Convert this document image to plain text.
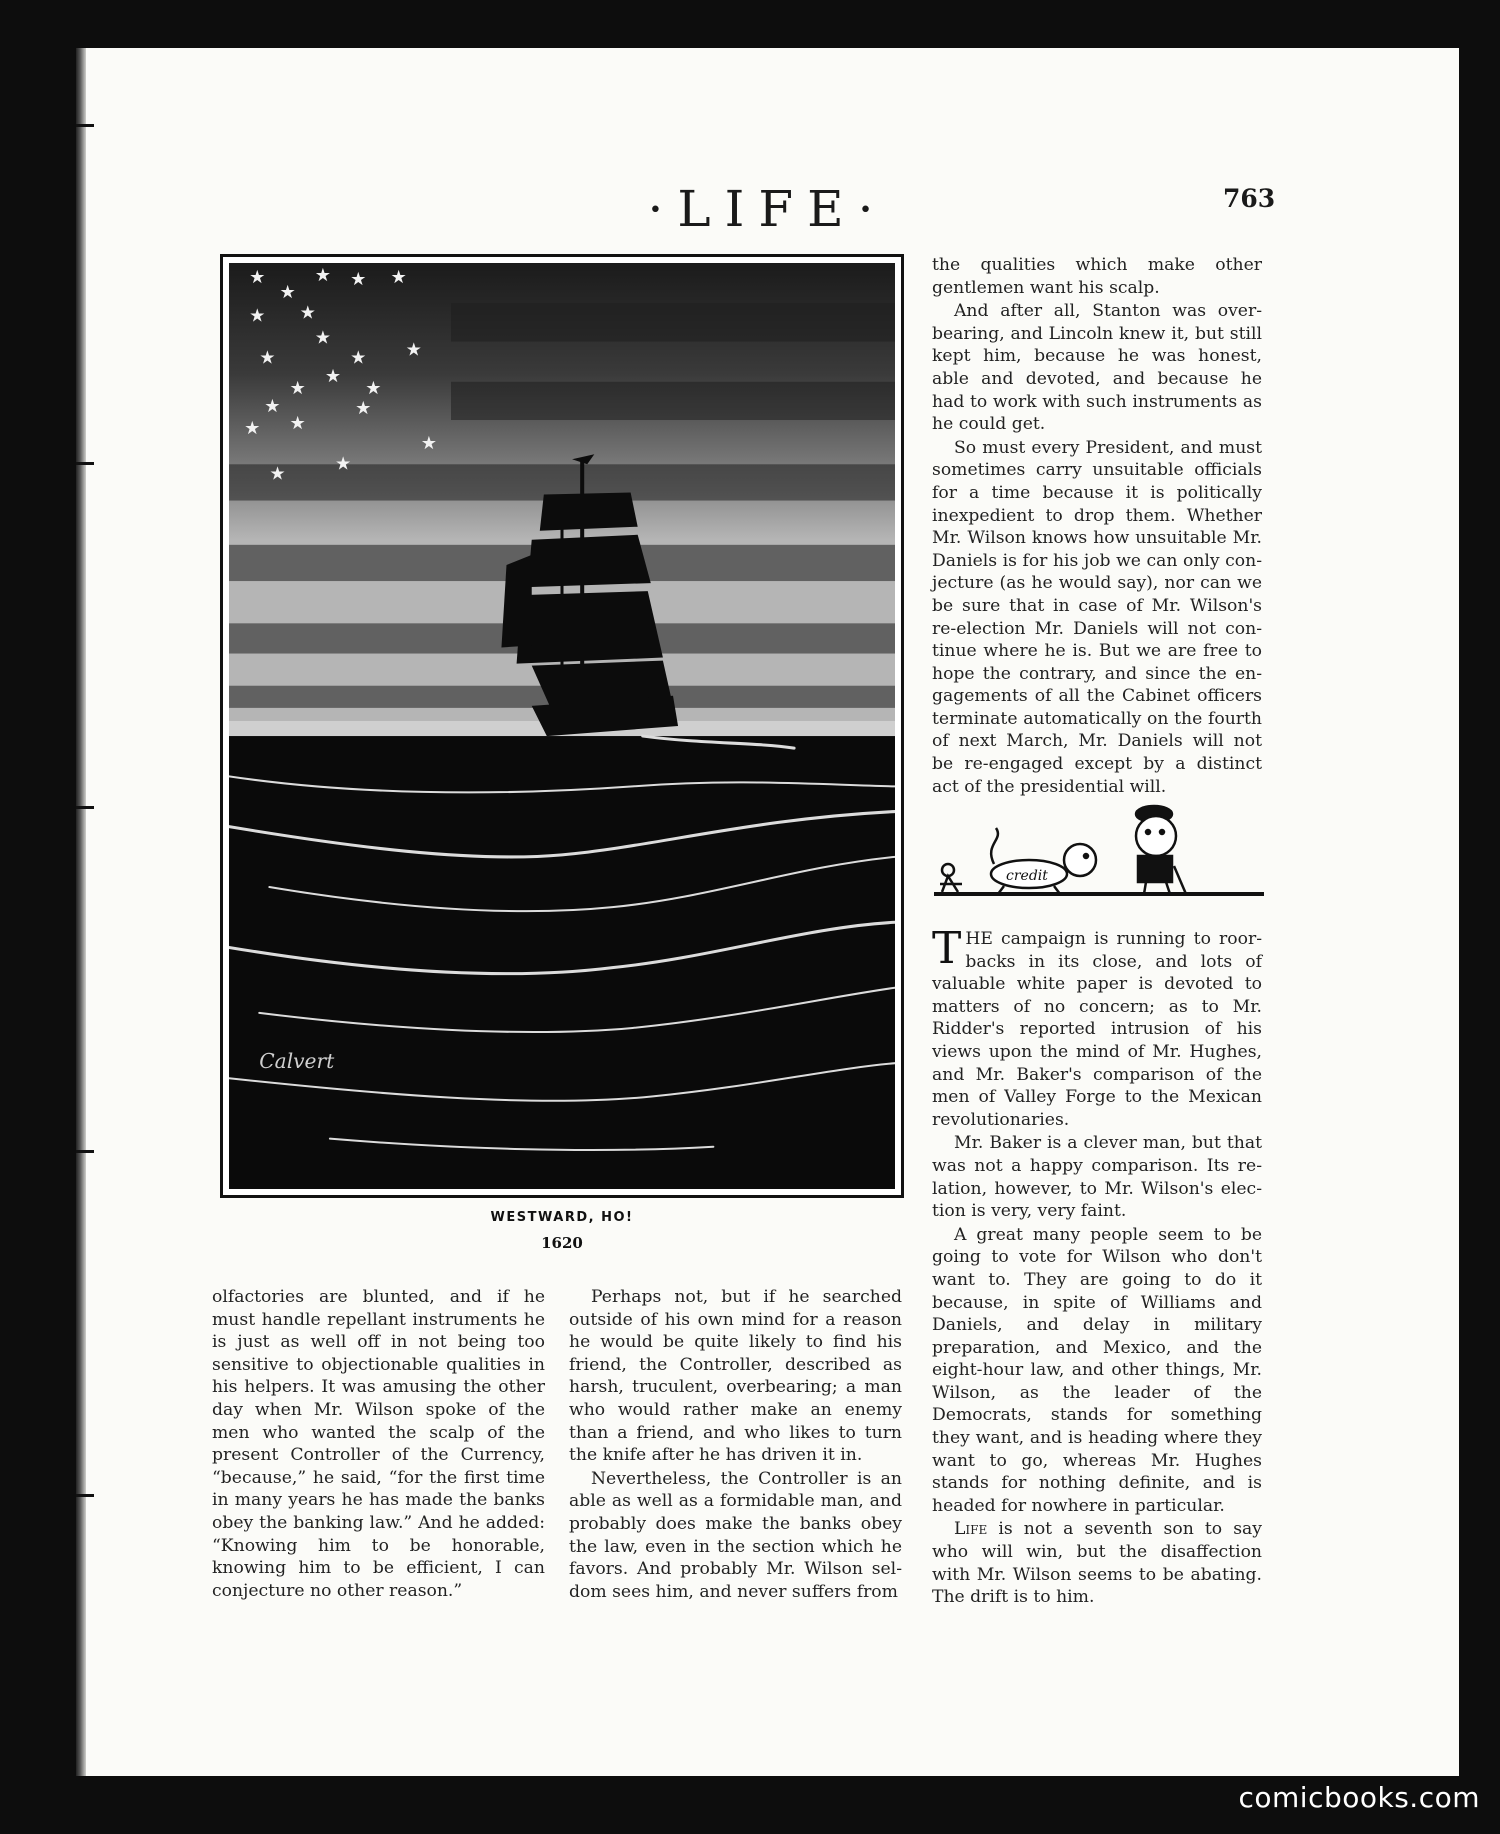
·LIFE·	763
★
★
★ ★ ★
★
★
★
★	★ ★
★
★
★
★
★ ★
★
★
★	★
Calvert
WESTWARD, HO!
1620

the qualities which make other gentlemen want his scalp.

And after all, Stanton was overbearing, and Lincoln knew it, but still kept him, because he was honest, able and devoted, and because he had to work with such instruments as he could get.

So must every President, and must sometimes carry unsuitable officials for a time because it is politically inexpedient to drop them. Whether Mr. Wilson knows how unsuitable Mr. Daniels is for his job we can only conjecture (as he would say), nor can we be sure that in case of Mr. Wilson's re-election Mr. Daniels will not continue where he is. But we are free to hope the contrary, and since the engagements of all the Cabinet officers terminate automatically on the fourth of next March, Mr. Daniels will not be re-engaged except by a distinct act of the presidential will.

credit

THE campaign is running to roorbacks in its close, and lots of valuable white paper is devoted to matters of no concern; as to Mr. Ridder's reported intrusion of his views upon the mind of Mr. Hughes, and Mr. Baker's comparison of the men of Valley Forge to the Mexican revolutionaries.

Mr. Baker is a clever man, but that was not a happy comparison. Its relation, however, to Mr. Wilson's election is very, very faint.

A great many people seem to be going to vote for Wilson who don't want to. They are going to do it because, in spite of Williams and Daniels, and delay in military preparation, and Mexico, and the eight-hour law, and other things, Mr. Wilson, as the leader of the Democrats, stands for something they want, and is heading where they want to go, whereas Mr. Hughes stands for nothing definite, and is headed for nowhere in particular.

Life is not a seventh son to say who will win, but the disaffection with Mr. Wilson seems to be abating. The drift is to him.

olfactories are blunted, and if he must handle repellant instruments he is just as well off in not being too sensitive to objectionable qualities in his helpers. It was amusing the other day when Mr. Wilson spoke of the men who wanted the scalp of the present Controller of the Currency, “because,” he said, “for the first time in many years he has made the banks obey the banking law.” And he added: “Knowing him to be honorable, knowing him to be efficient, I can conjecture no other reason.”

Perhaps not, but if he searched outside of his own mind for a reason he would be quite likely to find his friend, the Controller, described as harsh, truculent, overbearing; a man who would rather make an enemy than a friend, and who likes to turn the knife after he has driven it in.

Nevertheless, the Controller is an able as well as a formidable man, and probably does make the banks obey the law, even in the section which he favors. And probably Mr. Wilson seldom sees him, and never suffers from

comicbooks.com
